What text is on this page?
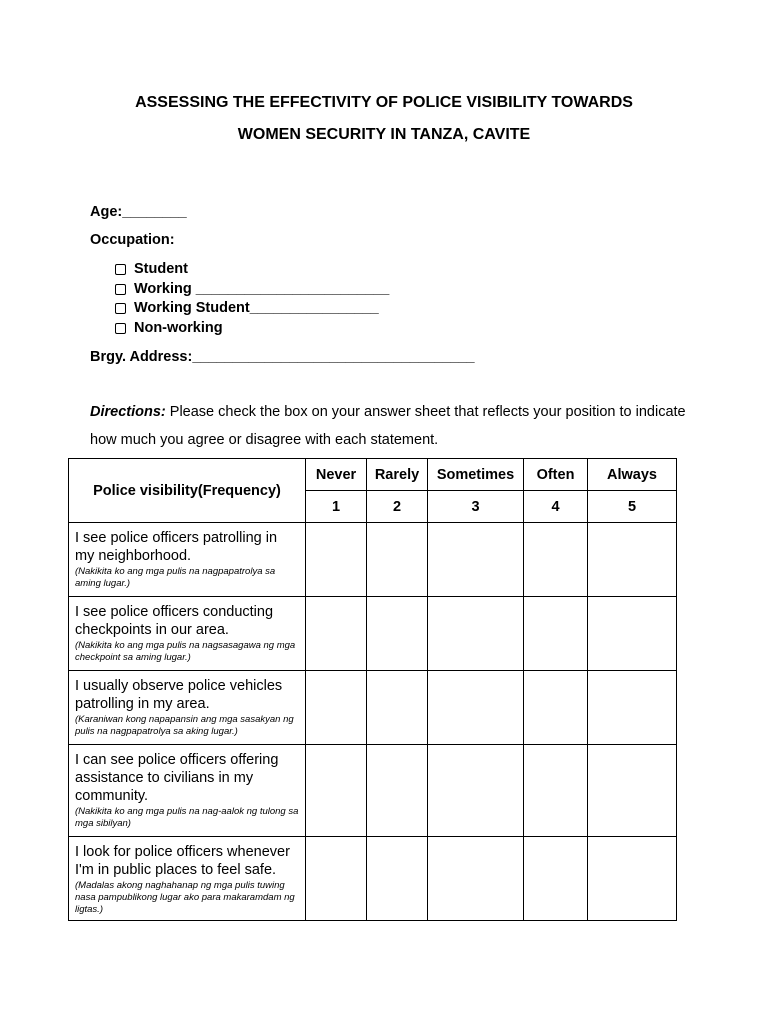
ASSESSING THE EFFECTIVITY OF POLICE VISIBILITY TOWARDS
WOMEN SECURITY IN TANZA, CAVITE
Age:________
Occupation:
Student
Working ________________________
Working Student________________
Non-working
Brgy. Address:___________________________________
Directions: Please check the box on your answer sheet that reflects your position to indicate how much you agree or disagree with each statement.
Police visibility(Frequency)	Never	Rarely	Sometimes	Often	Always
	1	2	3	4	5

I see police officers patrolling in my neighborhood.
(Nakikita ko ang mga pulis na nagpapatrolya sa aming lugar.)					

I see police officers conducting checkpoints in our area.
(Nakikita ko ang mga pulis na nagsasagawa ng mga checkpoint sa aming lugar.)					

I usually observe police vehicles patrolling in my area.
(Karaniwan kong napapansin ang mga sasakyan ng pulis na nagpapatrolya sa aking lugar.)					

I can see police officers offering assistance to civilians in my community.
(Nakikita ko ang mga pulis na nag-aalok ng tulong sa mga sibilyan)					

I look for police officers whenever I'm in public places to feel safe.
(Madalas akong naghahanap ng mga pulis tuwing nasa pampublikong lugar ako para makaramdam ng ligtas.)					
